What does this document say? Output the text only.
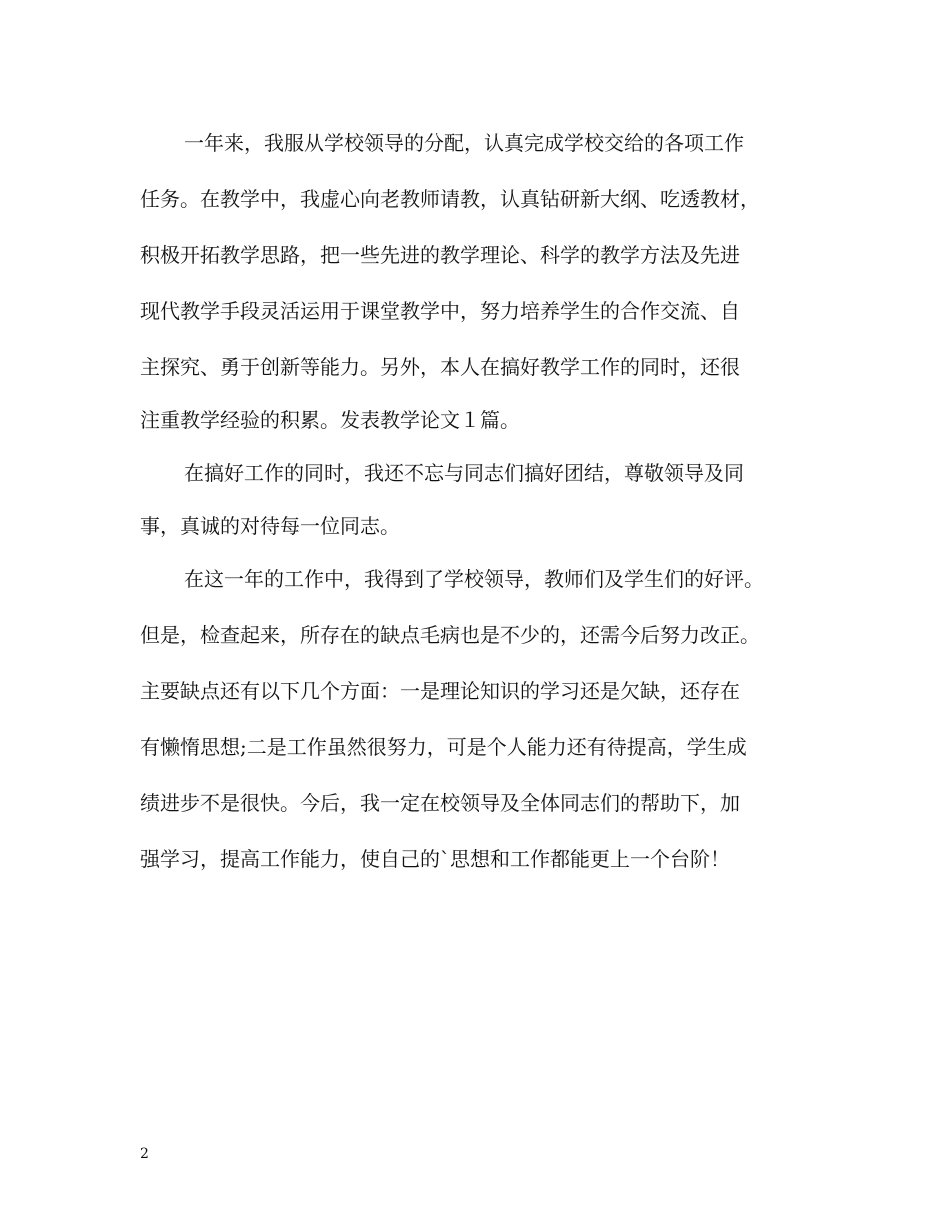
一年来，我服从学校领导的分配，认真完成学校交给的各项工作
任务。在教学中，我虚心向老教师请教，认真钻研新大纲、吃透教材，
积极开拓教学思路，把一些先进的教学理论、科学的教学方法及先进
现代教学手段灵活运用于课堂教学中，努力培养学生的合作交流、自
主探究、勇于创新等能力。另外，本人在搞好教学工作的同时，还很
注重教学经验的积累。发表教学论文１篇。
在搞好工作的同时，我还不忘与同志们搞好团结，尊敬领导及同
事，真诚的对待每一位同志。
在这一年的工作中，我得到了学校领导，教师们及学生们的好评。
但是，检查起来，所存在的缺点毛病也是不少的，还需今后努力改正。
主要缺点还有以下几个方面：一是理论知识的学习还是欠缺，还存在
有懒惰思想;二是工作虽然很努力，可是个人能力还有待提高，学生成
绩进步不是很快。今后，我一定在校领导及全体同志们的帮助下，加
强学习，提高工作能力，使自己的`思想和工作都能更上一个台阶！
2
